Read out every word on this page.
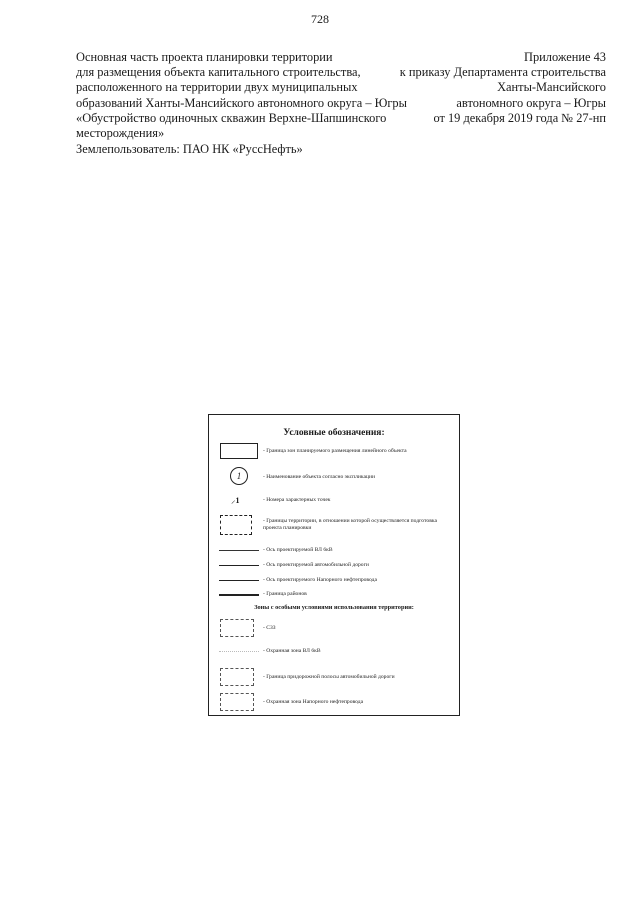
728
Основная часть проекта планировки территории
для размещения объекта капитального строительства,
расположенного на территории двух муниципальных
образований Ханты-Мансийского автономного округа – Югры
«Обустройство одиночных скважин Верхне-Шапшинского
месторождения»
Землепользователь: ПАО НК «РуссНефть»
Приложение 43
к приказу Департамента строительства
Ханты-Мансийского
автономного округа – Югры
от 19 декабря 2019 года № 27-нп
Условные обозначения:
- Граница зон планируемого размещения линейного объекта
1	- Наименование объекта согласно экспликации
⸝1	- Номера характерных точек
- Границы территории, в отношении которой осуществляется подготовка проекта планировки
- Ось проектируемой ВЛ 6кВ
- Ось проектируемой автомобильной дороги
- Ось проектируемого Напорного нефтепровода
- Граница районов
Зоны с особыми условиями использования территории:
- СЗЗ
- Охранная зона ВЛ 6кВ
- Граница придорожной полосы автомобильной дороги
- Охранная зона Напорного нефтепровода
